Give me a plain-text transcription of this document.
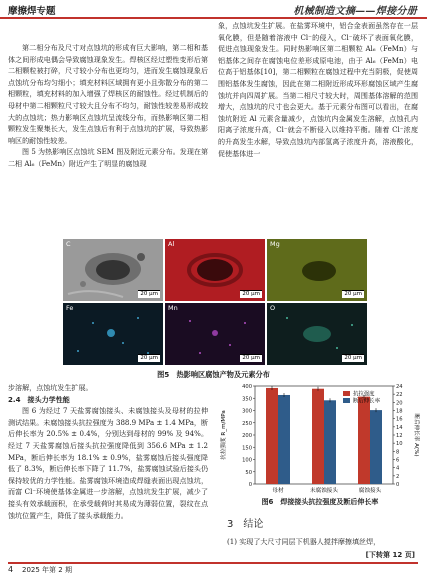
摩擦焊专题	机械制造文摘——焊接分册

第二相分布及尺寸对点蚀坑的形成有巨大影响，第二相和基体之间形成电偶会导致腐蚀现象发生。焊核区经过塑性变形后第二相颗粒被打碎，尺寸较小分布也更均匀，进而发生腐蚀现象后点蚀坑分布均匀细小；填充材料区域拥有更小且弥散分布的第二相颗粒，填充材料的加入增强了焊核区的耐蚀性。经过机制后的母材中第二相颗粒尺寸较大且分布不均匀，耐蚀性较差易形成较大的点蚀坑；热力影响区点蚀坑呈流线分布，而热影响区第二相颗粒发生聚集长大，发生点蚀后有利于点蚀坑的扩展，导致热影响区的耐蚀性较差。

图 5 为热影响区点蚀坑 SEM 图及附近元素分布。发现在第二相 Al₆（FeMn）附近产生了明显的腐蚀现

象，点蚀坑发生扩展。在盐雾环境中，铝合金表面虽然存在一层氧化膜，但是随着溶液中 Cl⁻的侵入，Cl⁻破坏了表面氧化膜，促进点蚀现象发生。同时热影响区第二相颗粒 Al₆（FeMn）与铝基体之间存在腐蚀电位差形成原电池，由于 Al₆（FeMn）电位高于铝基体[10]，第二相颗粒在腐蚀过程中充当阴极，促使周围铝基体发生腐蚀，因此在第二相附近形成环形腐蚀区域产生腐蚀坑并向四周扩展。当第二相尺寸较大时，周围基体溶解的范围增大，点蚀坑的尺寸也会更大。基于元素分布图可以看出，在腐蚀坑附近 Al 元素含量减少，点蚀坑内金属发生溶解，点蚀孔内阳离子浓度升高，Cl⁻就会不断侵入以维持平衡。随着 Cl⁻浓度的升高发生水解，导致点蚀坑内部氢离子浓度升高，溶液酸化，促使基体进一

C
20 μm
Al
20 μm
Mg
20 μm
Fe
20 μm
Mn
20 μm
O
20 μm
图5　热影响区腐蚀产物及元素分布

步溶解，点蚀坑发生扩展。

2.4　接头力学性能

图 6 为经过 7 天盐雾腐蚀接头、未腐蚀接头及母材的拉伸测试结果。未腐蚀接头抗拉强度为 388.9 MPa ± 1.4 MPa，断后伸长率为 20.5% ± 0.4%，分别达到母材的 99% 及 94%。经过 7 天盐雾腐蚀后接头抗拉强度降低到 356.6 MPa ± 1.2 MPa，断后伸长率为 18.1% ± 0.9%，盐雾腐蚀后接头强度降低了 8.3%，断后伸长率下降了 11.7%，盐雾腐蚀试验后接头仍保持较优的力学性能。盐雾腐蚀环境造成焊缝表面出现点蚀坑，而富 Cl⁻环境使基体金属进一步溶解，点蚀坑发生扩展，减少了接头有效承载面积，在承受载荷时其易成为薄弱位置，裂纹在点蚀坑位置产生，降低了接头承载能力。

0
50
100
150
200
250
300
350
400
0
2
4
6
8
10
12
14
16
18
20
22
24
抗拉强度 R_m/MPa	断后伸长率 A(%)
母材	未腐蚀接头	腐蚀接头
抗拉强度
断后伸长率
图6　焊接接头抗拉强度及断后伸长率
3　结论
(1) 实现了大尺寸同层下机器人搅拌摩擦填丝焊，
[下转第 12 页]
4 2025 年第 2 期
